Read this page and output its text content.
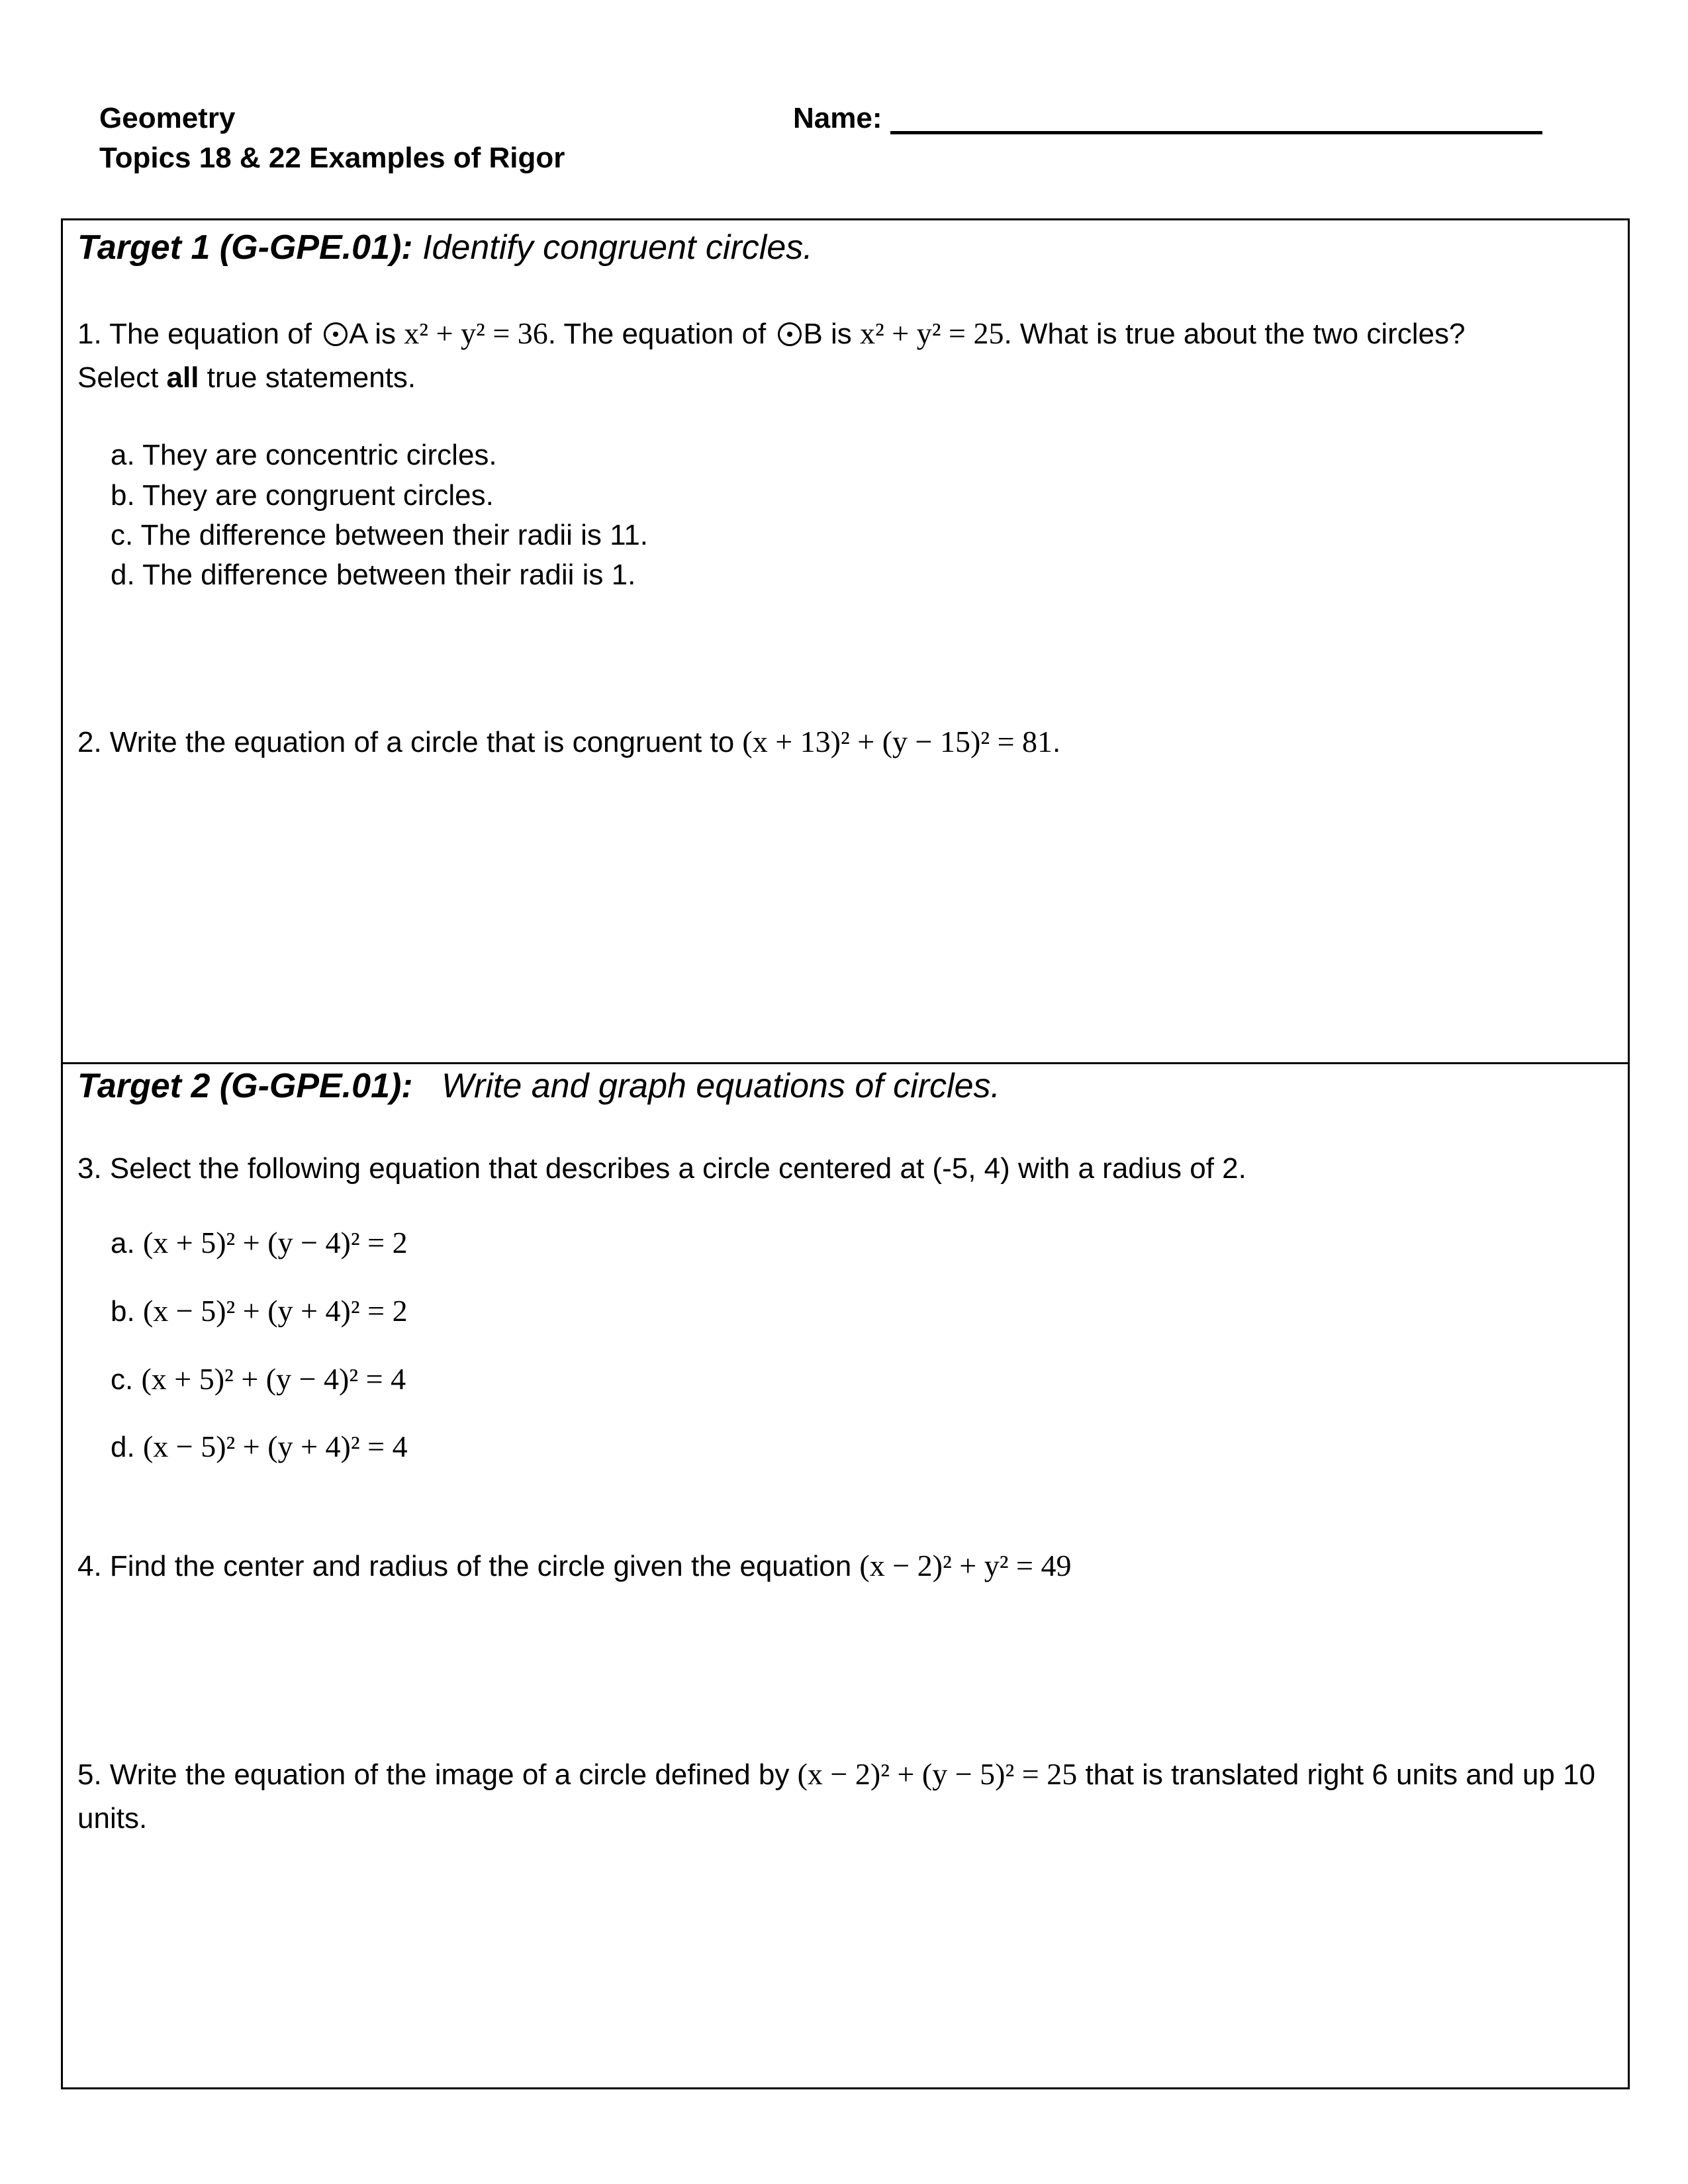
Geometry
Topics 18 & 22 Examples of Rigor
Name:
Target 1 (G-GPE.01): Identify congruent circles.
1. The equation of A is x² + y² = 36. The equation of B is x² + y² = 25. What is true about the two circles?
Select all true statements.
a. They are concentric circles.
b. They are congruent circles.
c. The difference between their radii is 11.
d. The difference between their radii is 1.
2. Write the equation of a circle that is congruent to (x + 13)² + (y − 15)² = 81.
Target 2 (G-GPE.01): Write and graph equations of circles.
3. Select the following equation that describes a circle centered at (-5, 4) with a radius of 2.
a. (x + 5)² + (y − 4)² = 2
b. (x − 5)² + (y + 4)² = 2
c. (x + 5)² + (y − 4)² = 4
d. (x − 5)² + (y + 4)² = 4
4. Find the center and radius of the circle given the equation (x − 2)² + y² = 49
5. Write the equation of the image of a circle defined by (x − 2)² + (y − 5)² = 25 that is translated right 6 units and up 10 units.
